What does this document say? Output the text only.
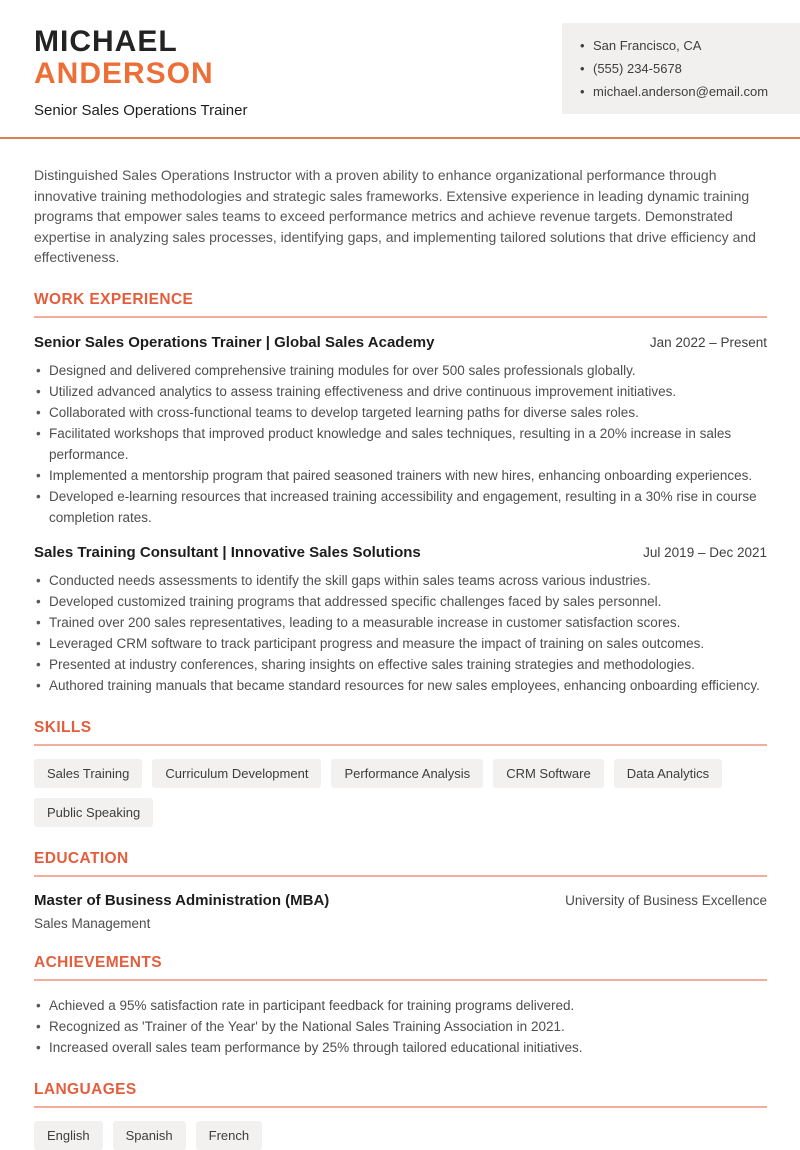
MICHAEL
ANDERSON
Senior Sales Operations Trainer
• San Francisco, CA
• (555) 234-5678
• michael.anderson@email.com

Distinguished Sales Operations Instructor with a proven ability to enhance organizational performance through innovative training methodologies and strategic sales frameworks. Extensive experience in leading dynamic training programs that empower sales teams to exceed performance metrics and achieve revenue targets. Demonstrated expertise in analyzing sales processes, identifying gaps, and implementing tailored solutions that drive efficiency and effectiveness.

WORK EXPERIENCE
Senior Sales Operations Trainer | Global Sales Academy	Jan 2022 – Present
• Designed and delivered comprehensive training modules for over 500 sales professionals globally.
• Utilized advanced analytics to assess training effectiveness and drive continuous improvement initiatives.
• Collaborated with cross-functional teams to develop targeted learning paths for diverse sales roles.
• Facilitated workshops that improved product knowledge and sales techniques, resulting in a 20% increase in sales performance.
• Implemented a mentorship program that paired seasoned trainers with new hires, enhancing onboarding experiences.
• Developed e-learning resources that increased training accessibility and engagement, resulting in a 30% rise in course completion rates.
Sales Training Consultant | Innovative Sales Solutions	Jul 2019 – Dec 2021
• Conducted needs assessments to identify the skill gaps within sales teams across various industries.
• Developed customized training programs that addressed specific challenges faced by sales personnel.
• Trained over 200 sales representatives, leading to a measurable increase in customer satisfaction scores.
• Leveraged CRM software to track participant progress and measure the impact of training on sales outcomes.
• Presented at industry conferences, sharing insights on effective sales training strategies and methodologies.
• Authored training manuals that became standard resources for new sales employees, enhancing onboarding efficiency.
SKILLS
Sales Training	Curriculum Development	Performance Analysis	CRM Software	Data Analytics
Public Speaking
EDUCATION
Master of Business Administration (MBA)	University of Business Excellence
Sales Management
ACHIEVEMENTS
• Achieved a 95% satisfaction rate in participant feedback for training programs delivered.
• Recognized as 'Trainer of the Year' by the National Sales Training Association in 2021.
• Increased overall sales team performance by 25% through tailored educational initiatives.
LANGUAGES
English	Spanish	French
